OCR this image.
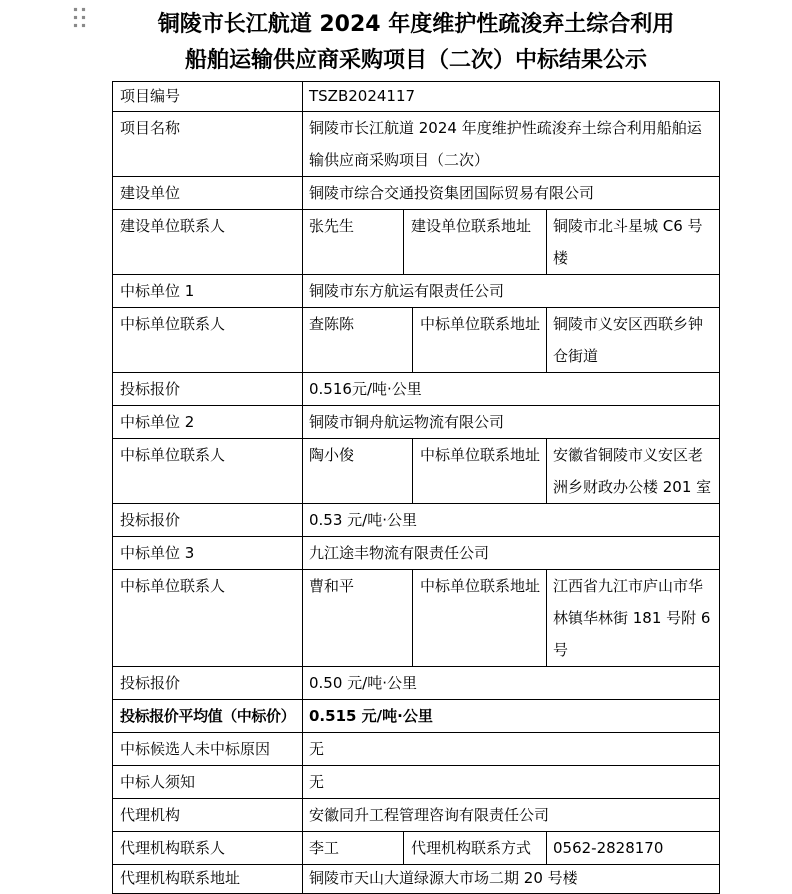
铜陵市长江航道 2024 年度维护性疏浚弃土综合利用
船舶运输供应商采购项目（二次）中标结果公示
项目编号	TSZB2024117
项目名称	铜陵市长江航道 2024 年度维护性疏浚弃土综合利用船舶运输供应商采购项目（二次）
建设单位	铜陵市综合交通投资集团国际贸易有限公司
建设单位联系人	张先生	建设单位联系地址	铜陵市北斗星城 C6 号楼
中标单位 1	铜陵市东方航运有限责任公司
中标单位联系人	查陈陈	中标单位联系地址 铜陵市义安区西联乡钟仓街道
投标报价	0.516元/吨·公里
中标单位 2	铜陵市铜舟航运物流有限公司
中标单位联系人	陶小俊	中标单位联系地址 安徽省铜陵市义安区老洲乡财政办公楼 201 室
投标报价	0.53 元/吨·公里
中标单位 3	九江途丰物流有限责任公司
中标单位联系人	曹和平	中标单位联系地址 江西省九江市庐山市华林镇华林街 181 号附 6 号
投标报价	0.50 元/吨·公里
投标报价平均值（中标价） 0.515 元/吨·公里
中标候选人未中标原因	无
中标人须知	无
代理机构	安徽同升工程管理咨询有限责任公司
代理机构联系人	李工	代理机构联系方式	0562-2828170
代理机构联系地址	铜陵市天山大道绿源大市场二期 20 号楼
